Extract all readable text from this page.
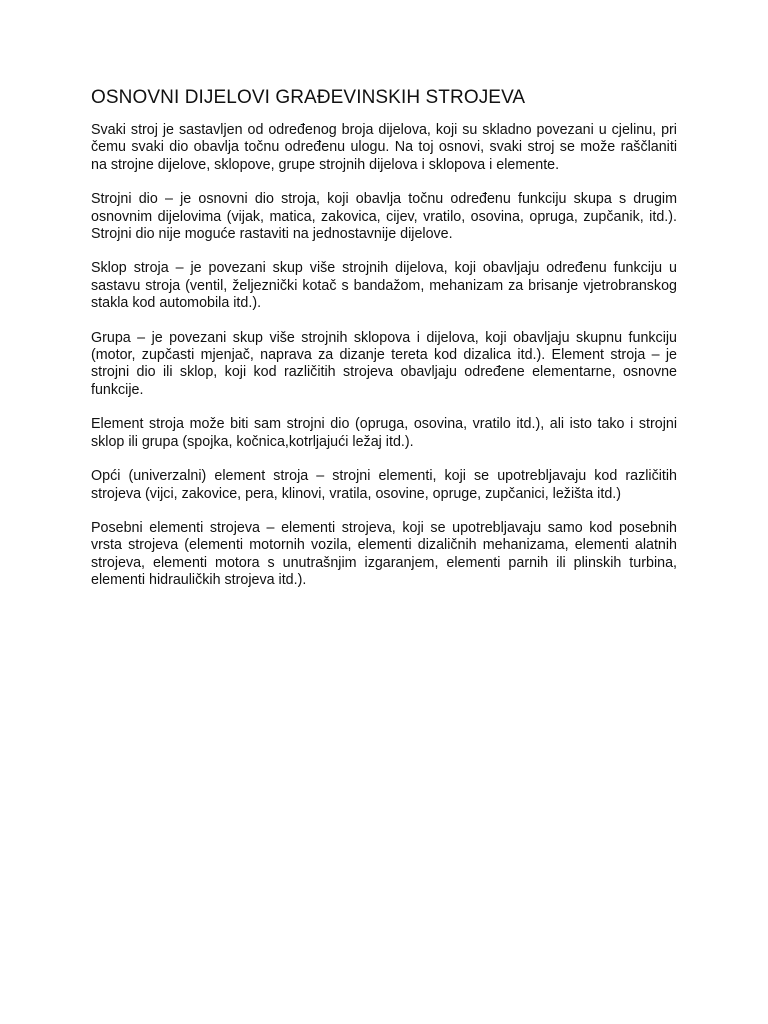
OSNOVNI DIJELOVI GRAĐEVINSKIH STROJEVA

Svaki stroj je sastavljen od određenog broja dijelova, koji su skladno povezani u cjelinu, pri čemu svaki dio obavlja točnu određenu ulogu. Na toj osnovi, svaki stroj se može raščlaniti na strojne dijelove, sklopove, grupe strojnih dijelova i sklopova i elemente.

Strojni dio – je osnovni dio stroja, koji obavlja točnu određenu funkciju skupa s drugim osnovnim dijelovima (vijak, matica, zakovica, cijev, vratilo, osovina, opruga, zupčanik, itd.). Strojni dio nije moguće rastaviti na jednostavnije dijelove.

Sklop stroja – je povezani skup više strojnih dijelova, koji obavljaju određenu funkciju u sastavu stroja (ventil, željeznički kotač s bandažom, mehanizam za brisanje vjetrobranskog stakla kod automobila itd.).

Grupa – je povezani skup više strojnih sklopova i dijelova, koji obavljaju skupnu funkciju (motor, zupčasti mjenjač, naprava za dizanje tereta kod dizalica itd.). Element stroja – je strojni dio ili sklop, koji kod različitih strojeva obavljaju određene elementarne, osnovne funkcije.

Element stroja može biti sam strojni dio (opruga, osovina, vratilo itd.), ali isto tako i strojni sklop ili grupa (spojka, kočnica,kotrljajući ležaj itd.).

Opći (univerzalni) element stroja – strojni elementi, koji se upotrebljavaju kod različitih strojeva (vijci, zakovice, pera, klinovi, vratila, osovine, opruge, zupčanici, ležišta itd.)

Posebni elementi strojeva – elementi strojeva, koji se upotrebljavaju samo kod posebnih vrsta strojeva (elementi motornih vozila, elementi dizaličnih mehanizama, elementi alatnih strojeva, elementi motora s unutrašnjim izgaranjem, elementi parnih ili plinskih turbina, elementi hidrauličkih strojeva itd.).
